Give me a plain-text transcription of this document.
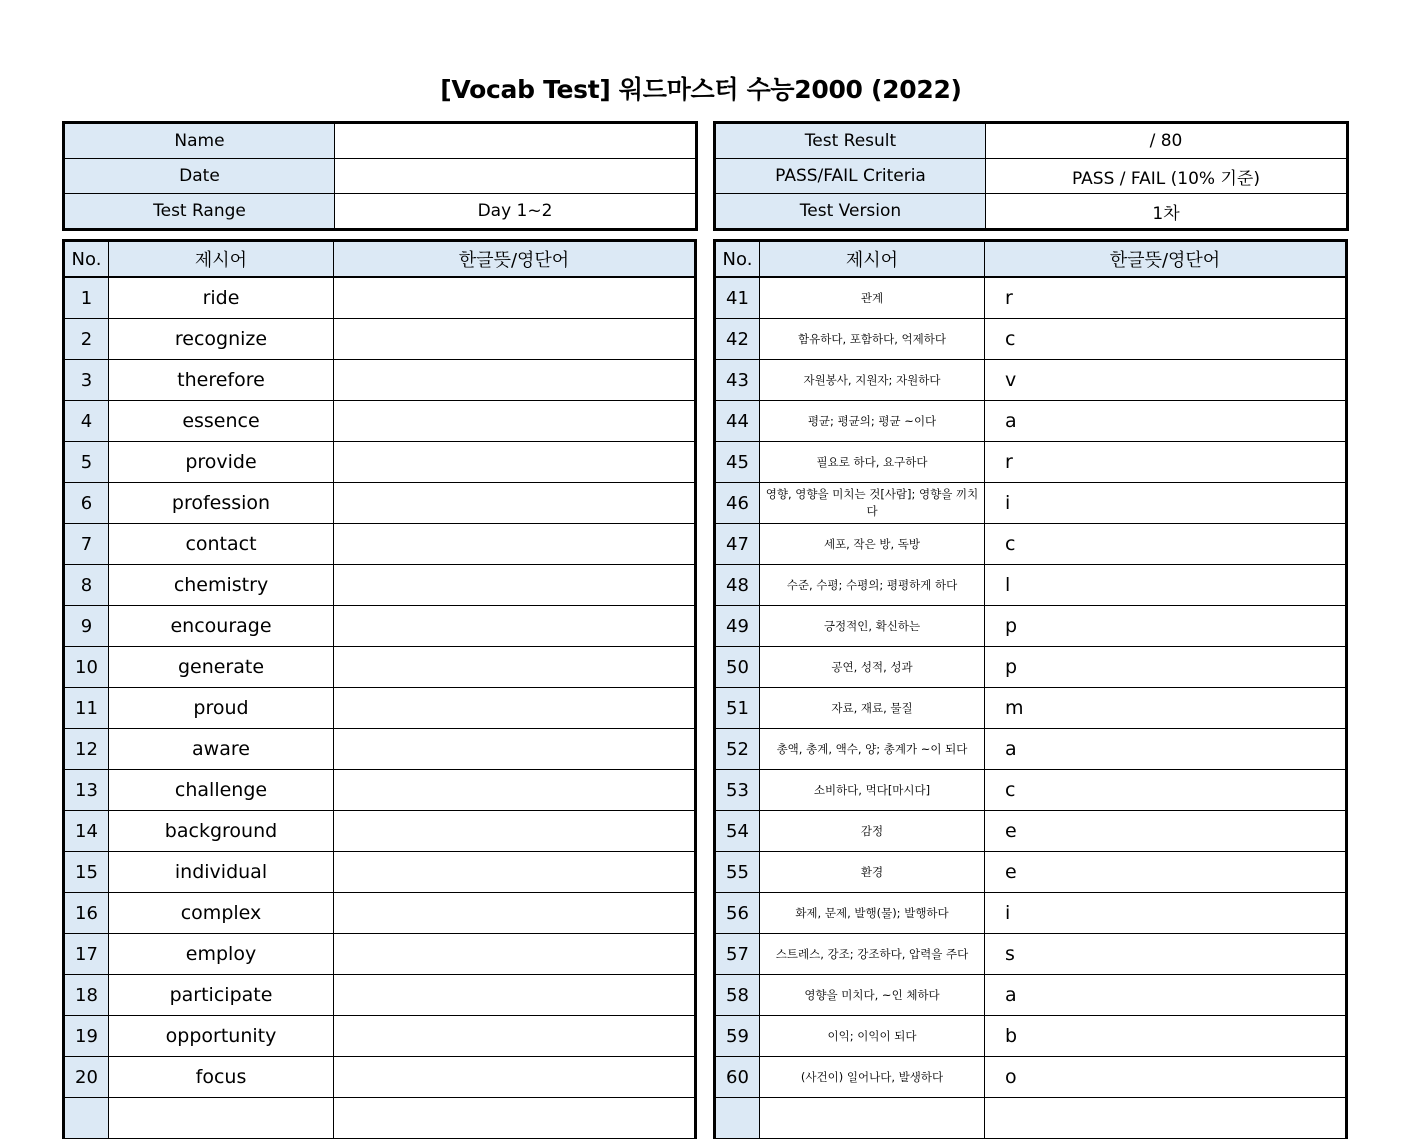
[Vocab Test] 워드마스터 수능2000 (2022)
Name	
Date	
Test Range	Day 1~2
Test Result	/ 80
PASS/FAIL Criteria	PASS / FAIL (10% 기준)
Test Version	1차
No.	제시어	한글뜻/영단어
1	ride	
2	recognize	
3	therefore	
4	essence	
5	provide	
6	profession	
7	contact	
8	chemistry	
9	encourage	
10	generate	
11	proud	
12	aware	
13	challenge	
14	background	
15	individual	
16	complex	
17	employ	
18	participate	
19	opportunity	
20	focus	

No.	제시어	한글뜻/영단어
41	관계	r
42	함유하다, 포함하다, 억제하다	c
43	자원봉사, 지원자; 자원하다	v
44	평균; 평균의; 평균 ~이다	a
45	필요로 하다, 요구하다	r
46	영향, 영향을 미치는 것[사람]; 영향을 끼치다	i
47	세포, 작은 방, 독방	c
48	수준, 수평; 수평의; 평평하게 하다	l
49	긍정적인, 확신하는	p
50	공연, 성적, 성과	p
51	자료, 재료, 물질	m
52	총액, 총계, 액수, 양; 총계가 ~이 되다	a
53	소비하다, 먹다[마시다]	c
54	감정	e
55	환경	e
56	화제, 문제, 발행(물); 발행하다	i
57	스트레스, 강조; 강조하다, 압력을 주다	s
58	영향을 미치다, ~인 체하다	a
59	이익; 이익이 되다	b
60	(사건이) 일어나다, 발생하다	o
